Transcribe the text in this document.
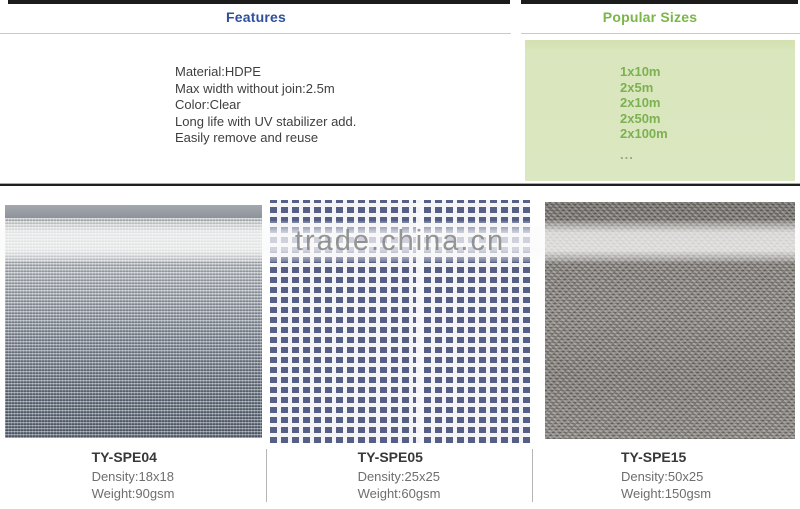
Features	Popular Sizes
Material:HDPE
Max width without join:2.5m
Color:Clear
Long life with UV stabilizer add.
Easily remove and reuse
1x10m
2x5m
2x10m
2x50m
2x100m
...
trade.china.cn
TY-SPE04
Density:18x18
Weight:90gsm
TY-SPE05
Density:25x25
Weight:60gsm
TY-SPE15
Density:50x25
Weight:150gsm
